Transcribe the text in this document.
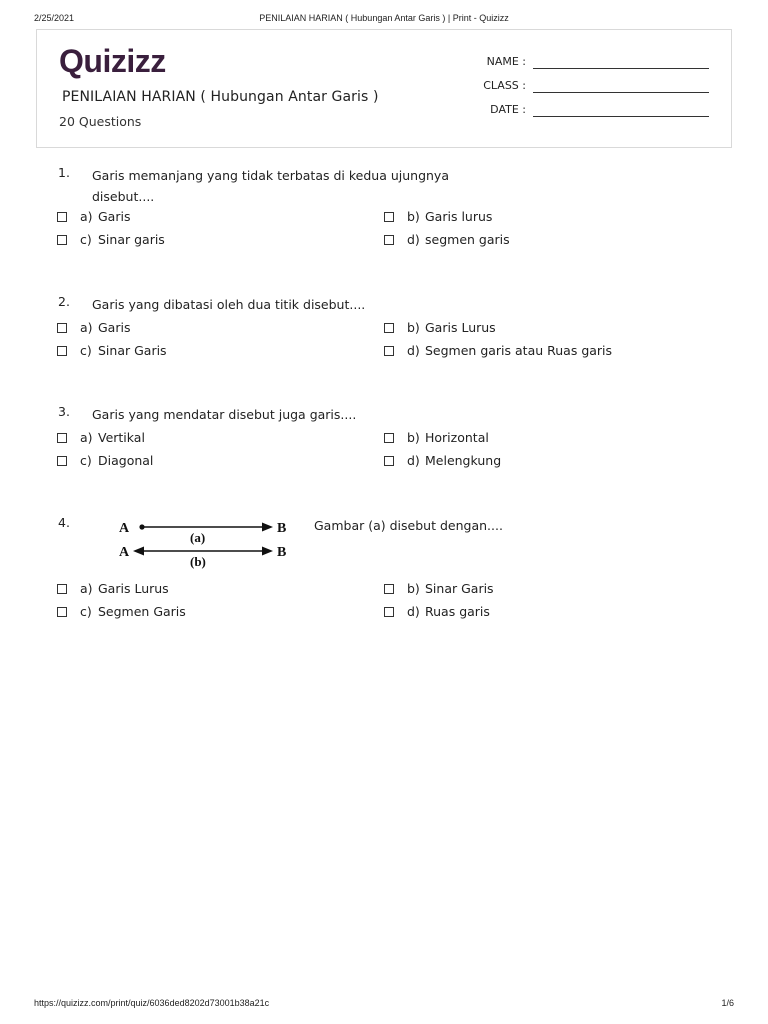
2/25/2021	PENILAIAN HARIAN ( Hubungan Antar Garis ) | Print - Quizizz
Quizizz
PENILAIAN HARIAN ( Hubungan Antar Garis )
20 Questions
NAME :
CLASS :
DATE :
1. Garis memanjang yang tidak terbatas di kedua ujungnya disebut....
a) Garis	b) Garis lurus
c) Sinar garis	d) segmen garis
2. Garis yang dibatasi oleh dua titik disebut....
a) Garis	b) Garis Lurus
c) Sinar Garis	d) Segmen garis atau Ruas garis
3. Garis yang mendatar disebut juga garis....
a) Vertikal	b) Horizontal
c) Diagonal	d) Melengkung
4.	Gambar (a) disebut dengan....
A	B
(a)
A	B
(b)
a) Garis Lurus	b) Sinar Garis
c) Segmen Garis	d) Ruas garis
https://quizizz.com/print/quiz/6036ded8202d73001b38a21c	1/6
